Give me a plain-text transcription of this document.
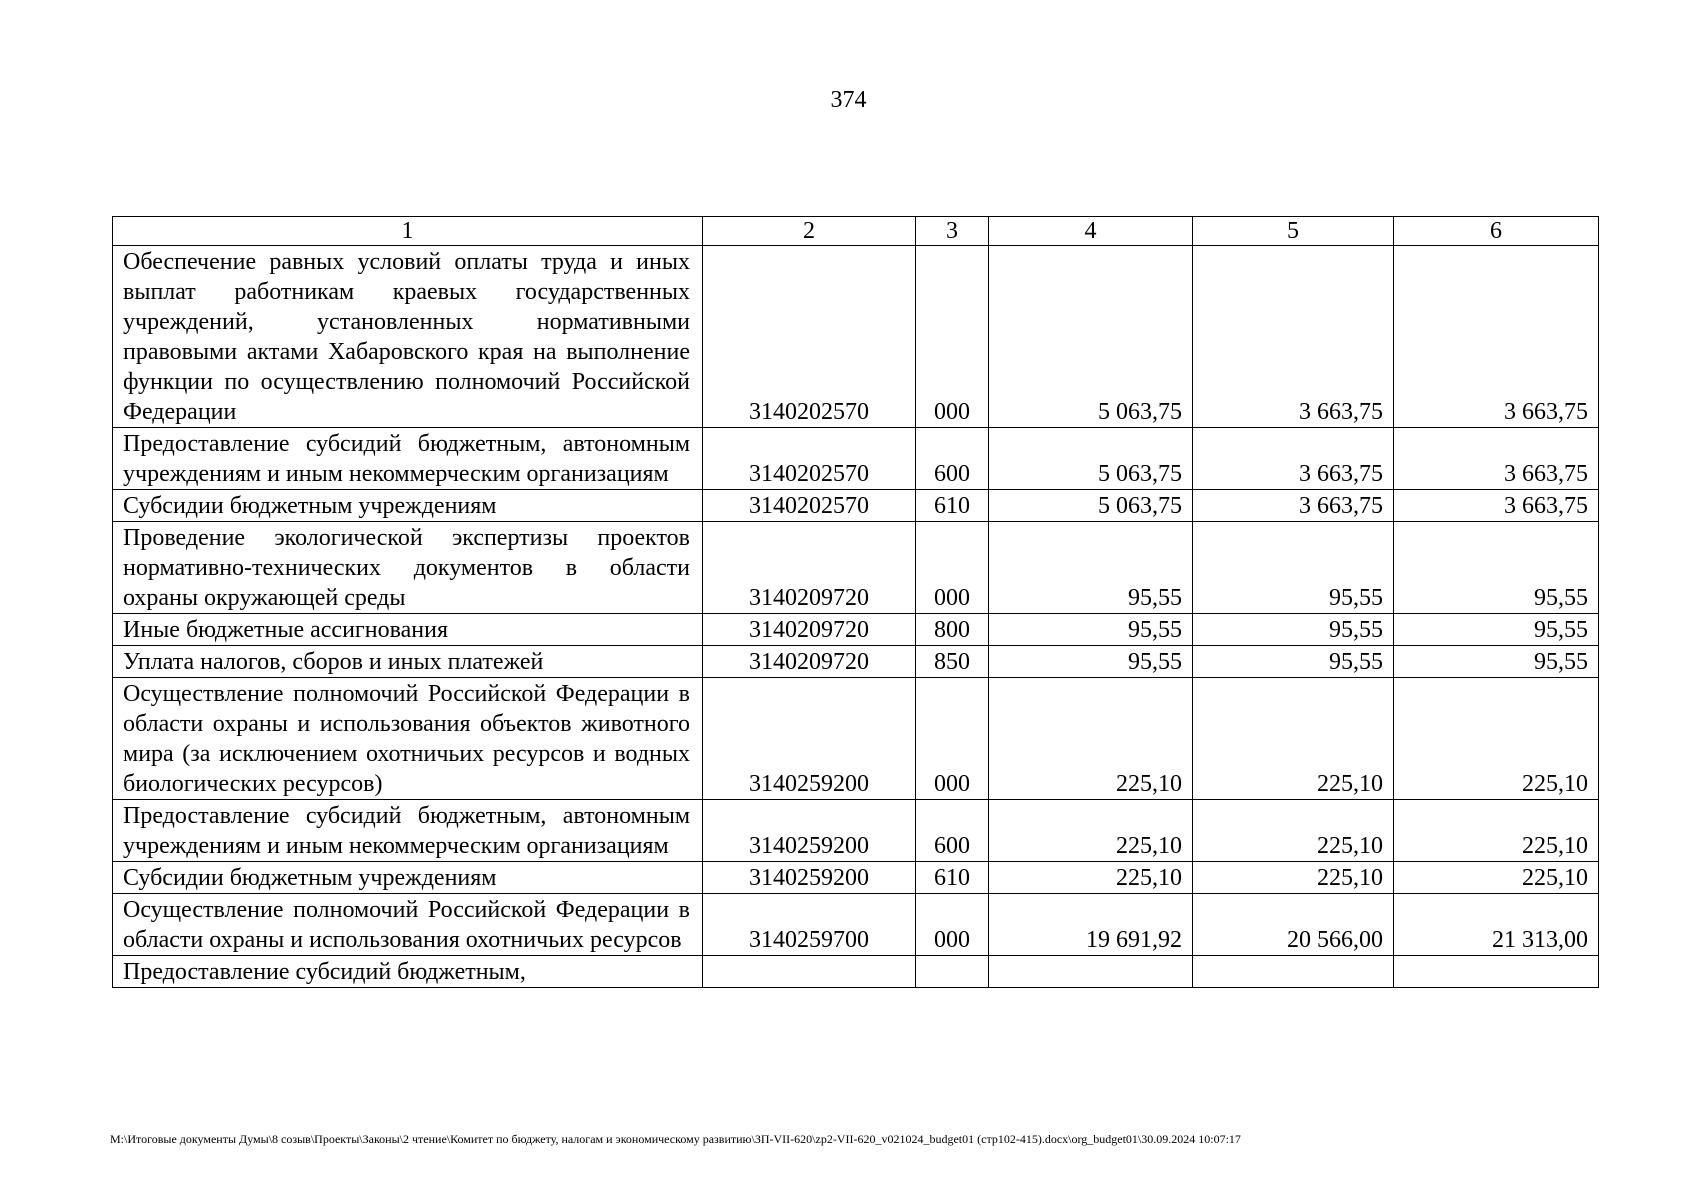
374
1	2	3	4	5	6
Обеспечение равных условий оплаты труда и иных выплат работникам краевых государственных учреждений, установленных нормативными правовыми актами Хабаровского края на выполнение функции по осуществлению полномочий Российской Федерации	3140202570	000	5 063,75	3 663,75	3 663,75
Предоставление субсидий бюджетным, автономным учреждениям и иным некоммерческим организациям	3140202570	600	5 063,75	3 663,75	3 663,75
Субсидии бюджетным учреждениям	3140202570	610	5 063,75	3 663,75	3 663,75
Проведение экологической экспертизы проектов нормативно-технических документов в области охраны окружающей среды	3140209720	000	95,55	95,55	95,55
Иные бюджетные ассигнования	3140209720	800	95,55	95,55	95,55
Уплата налогов, сборов и иных платежей	3140209720	850	95,55	95,55	95,55
Осуществление полномочий Российской Федерации в области охраны и использования объектов животного мира (за исключением охотничьих ресурсов и водных биологических ресурсов)	3140259200	000	225,10	225,10	225,10
Предоставление субсидий бюджетным, автономным учреждениям и иным некоммерческим организациям	3140259200	600	225,10	225,10	225,10
Субсидии бюджетным учреждениям	3140259200	610	225,10	225,10	225,10
Осуществление полномочий Российской Федерации в области охраны и использования охотничьих ресурсов	3140259700	000	19 691,92	20 566,00	21 313,00
Предоставление субсидий бюджетным,					
M:\Итоговые документы Думы\8 созыв\Проекты\Законы\2 чтение\Комитет по бюджету, налогам и экономическому развитию\ЗП-VII-620\zp2-VII-620_v021024_budget01 (стр102-415).docx\org_budget01\30.09.2024 10:07:17
